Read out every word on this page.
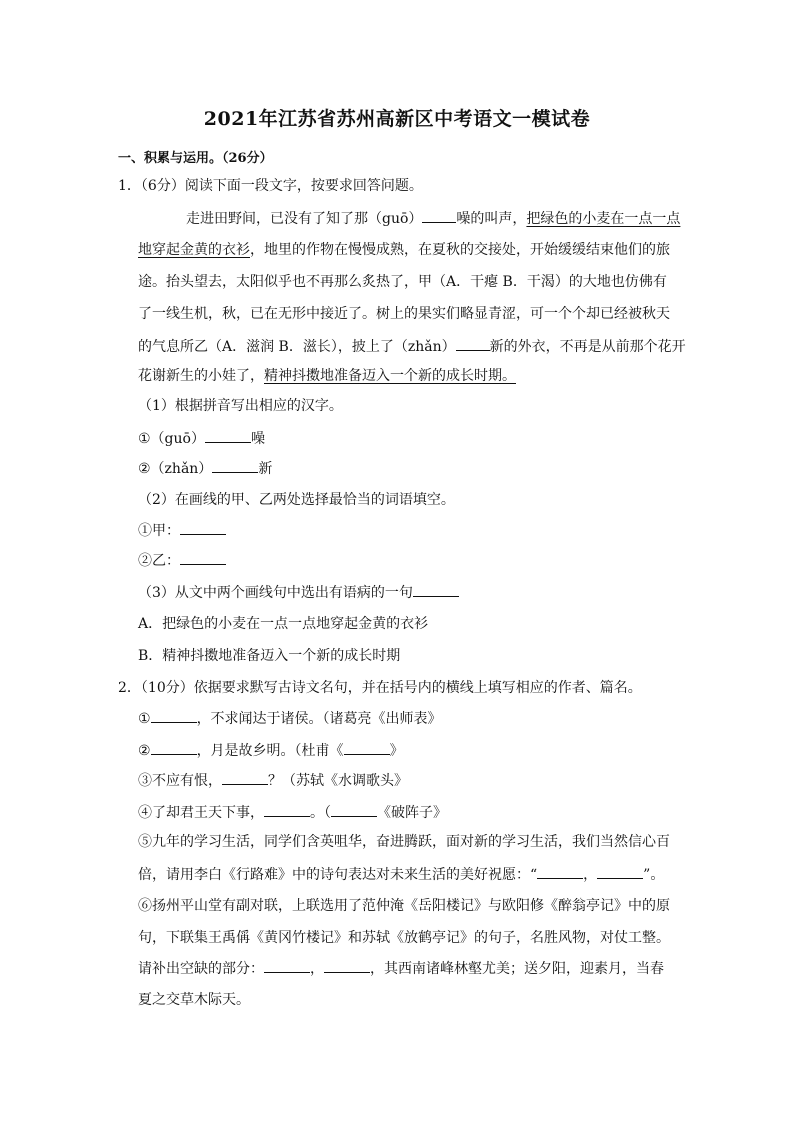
2021年江苏省苏州高新区中考语文一模试卷
一、积累与运用。（26分）
1．（6分）阅读下面一段文字，按要求回答问题。
走进田野间，已没有了知了那（guō） 噪的叫声，把绿色的小麦在一点一点
地穿起金黄的衣衫，地里的作物在慢慢成熟，在夏秋的交接处，开始缓缓结束他们的旅
途。抬头望去，太阳似乎也不再那么炙热了，甲（A．干瘪 B．干渴）的大地也仿佛有
了一线生机，秋，已在无形中接近了。树上的果实们略显青涩，可一个个却已经被秋天
的气息所乙（A．滋润 B．滋长），披上了（zhǎn） 新的外衣，不再是从前那个花开
花谢新生的小娃了，精神抖擞地准备迈入一个新的成长时期。
（1）根据拼音写出相应的汉字。
①（guō）	噪
②（zhǎn）	新
（2）在画线的甲、乙两处选择最恰当的词语填空。
①甲：
②乙：
（3）从文中两个画线句中选出有语病的一句
A．把绿色的小麦在一点一点地穿起金黄的衣衫
B．精神抖擞地准备迈入一个新的成长时期
2．（10分）依据要求默写古诗文名句，并在括号内的横线上填写相应的作者、篇名。
①	，不求闻达于诸侯。（诸葛亮《出师表》
②	，月是故乡明。（杜甫《	》
③不应有恨，	？（苏轼《水调歌头》
④了却君王天下事，	。（	《破阵子》
⑤九年的学习生活，同学们含英咀华，奋进腾跃，面对新的学习生活，我们当然信心百
倍，请用李白《行路难》中的诗句表达对未来生活的美好祝愿：“	，	”。
⑥扬州平山堂有副对联，上联选用了范仲淹《岳阳楼记》与欧阳修《醉翁亭记》中的原
句，下联集王禹偁《黄冈竹楼记》和苏轼《放鹤亭记》的句子，名胜风物，对仗工整。
请补出空缺的部分：	，	，其西南诸峰林壑尤美；送夕阳，迎素月，当春
夏之交草木际天。
